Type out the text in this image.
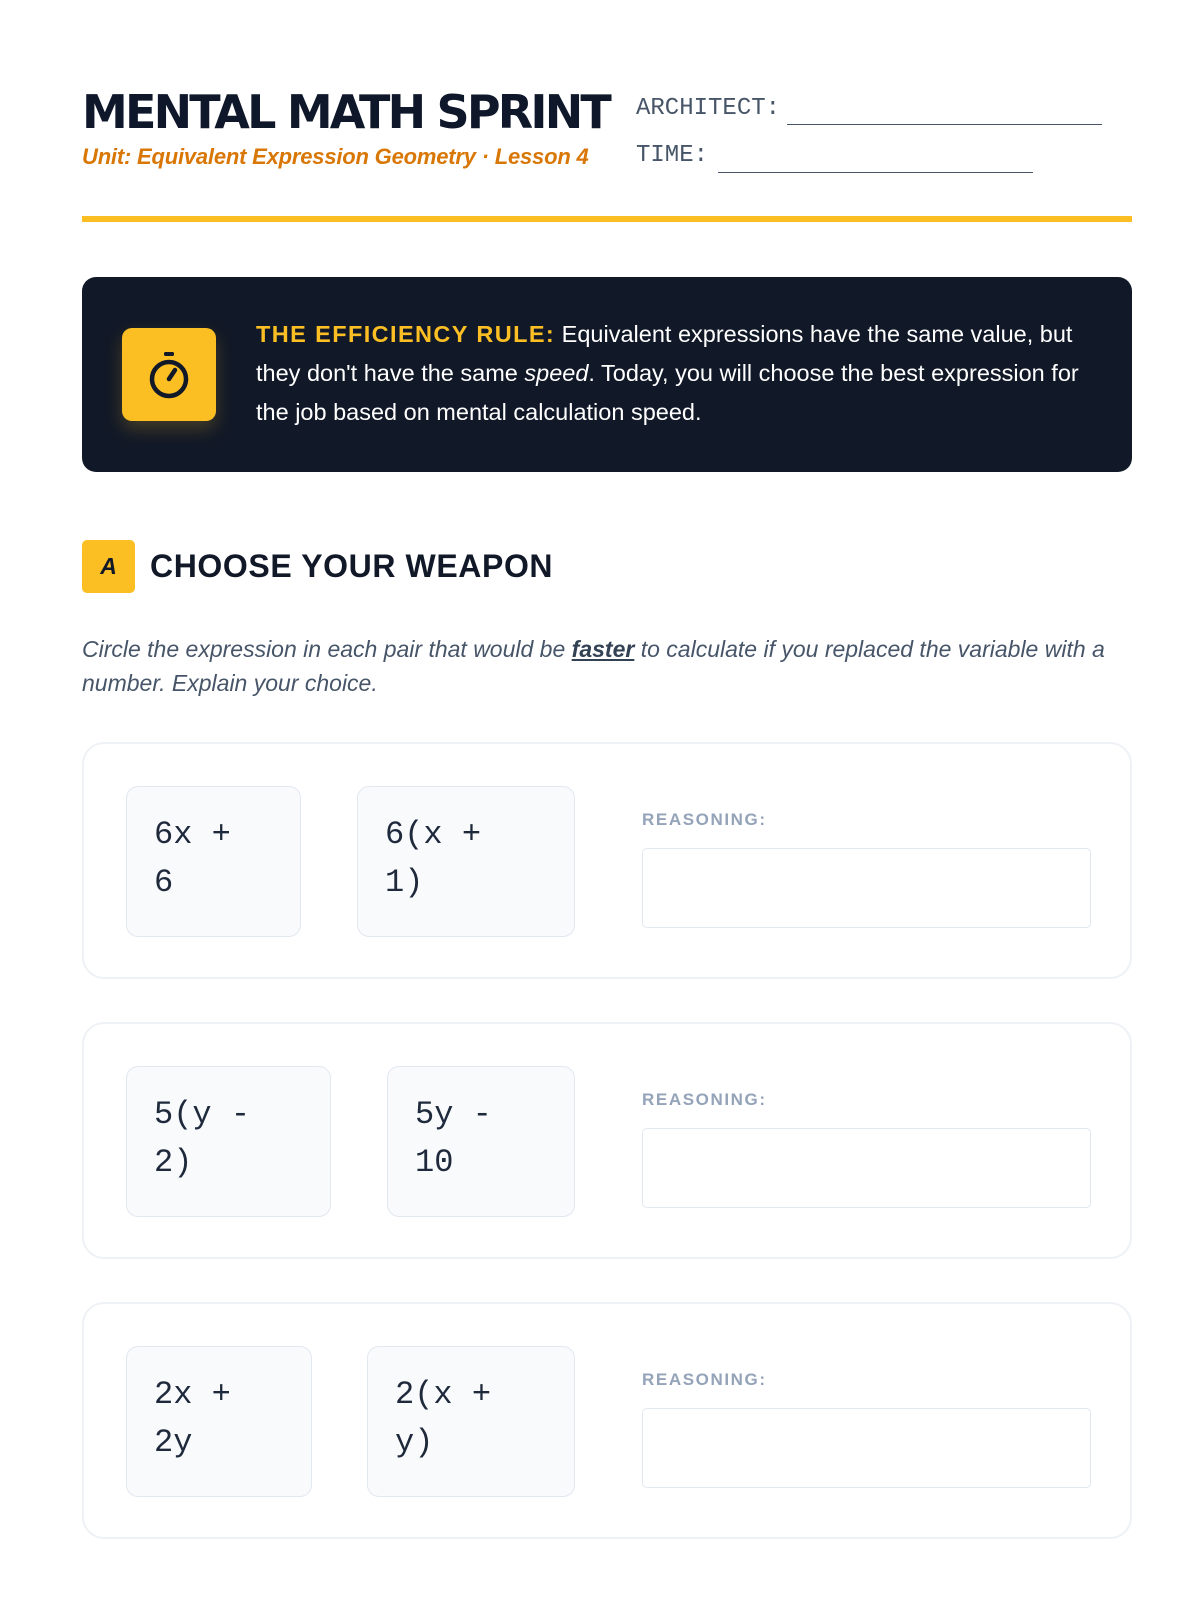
MENTAL MATH SPRINT
Unit: Equivalent Expression Geometry · Lesson 4
ARCHITECT:
TIME:
THE EFFICIENCY RULE: Equivalent expressions have the same value, but they don't have the same speed. Today, you will choose the best expression for the job based on mental calculation speed.
A	CHOOSE YOUR WEAPON
Circle the expression in each pair that would be faster to calculate if you replaced the variable with a number. Explain your choice.
6x +
6
6(x +
1)
REASONING:
5(y -
2)
5y -
10
REASONING:
2x +
2y
2(x +
y)
REASONING:
